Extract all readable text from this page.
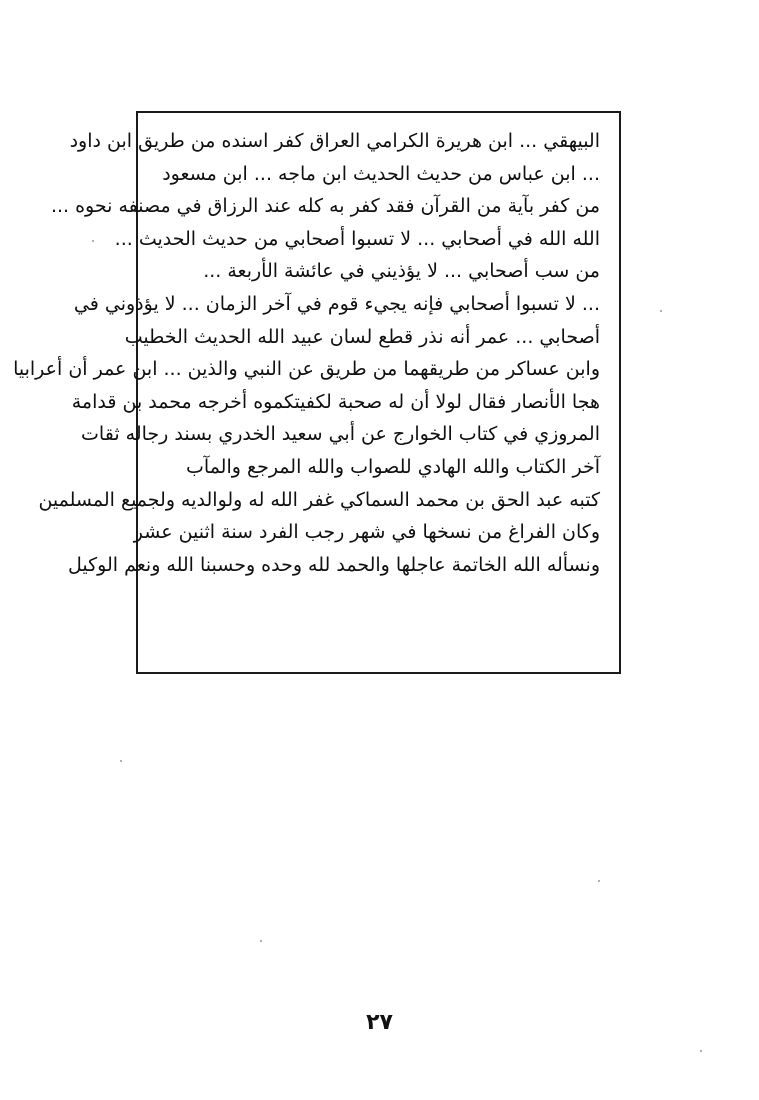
البيهقي ... ابن هريرة الكرامي العراق كفر اسنده من طريق ابن داود
... ابن عباس من حديث الحديث ابن ماجه ... ابن مسعود
من كفر بآية من القرآن فقد كفر به كله عند الرزاق في مصنفه نحوه ...
الله الله في أصحابي ... لا تسبوا أصحابي من حديث الحديث ...
من سب أصحابي ... لا يؤذيني في عائشة الأربعة ...
... لا تسبوا أصحابي فإنه يجيء قوم في آخر الزمان ... لا يؤذوني في
أصحابي ... عمر أنه نذر قطع لسان عبيد الله الحديث الخطيب
وابن عساكر من طريقهما من طريق عن النبي والذين ... ابن عمر أن أعرابيا
هجا الأنصار فقال لولا أن له صحبة لكفيتكموه أخرجه محمد بن قدامة
المروزي في كتاب الخوارج عن أبي سعيد الخدري بسند رجاله ثقات
آخر الكتاب والله الهادي للصواب والله المرجع والمآب
كتبه عبد الحق بن محمد السماكي غفر الله له ولوالديه ولجميع المسلمين
وكان الفراغ من نسخها في شهر رجب الفرد سنة اثنين عشر
ونسأله الله الخاتمة عاجلها والحمد لله وحده وحسبنا الله ونعم الوكيل
٢٧
